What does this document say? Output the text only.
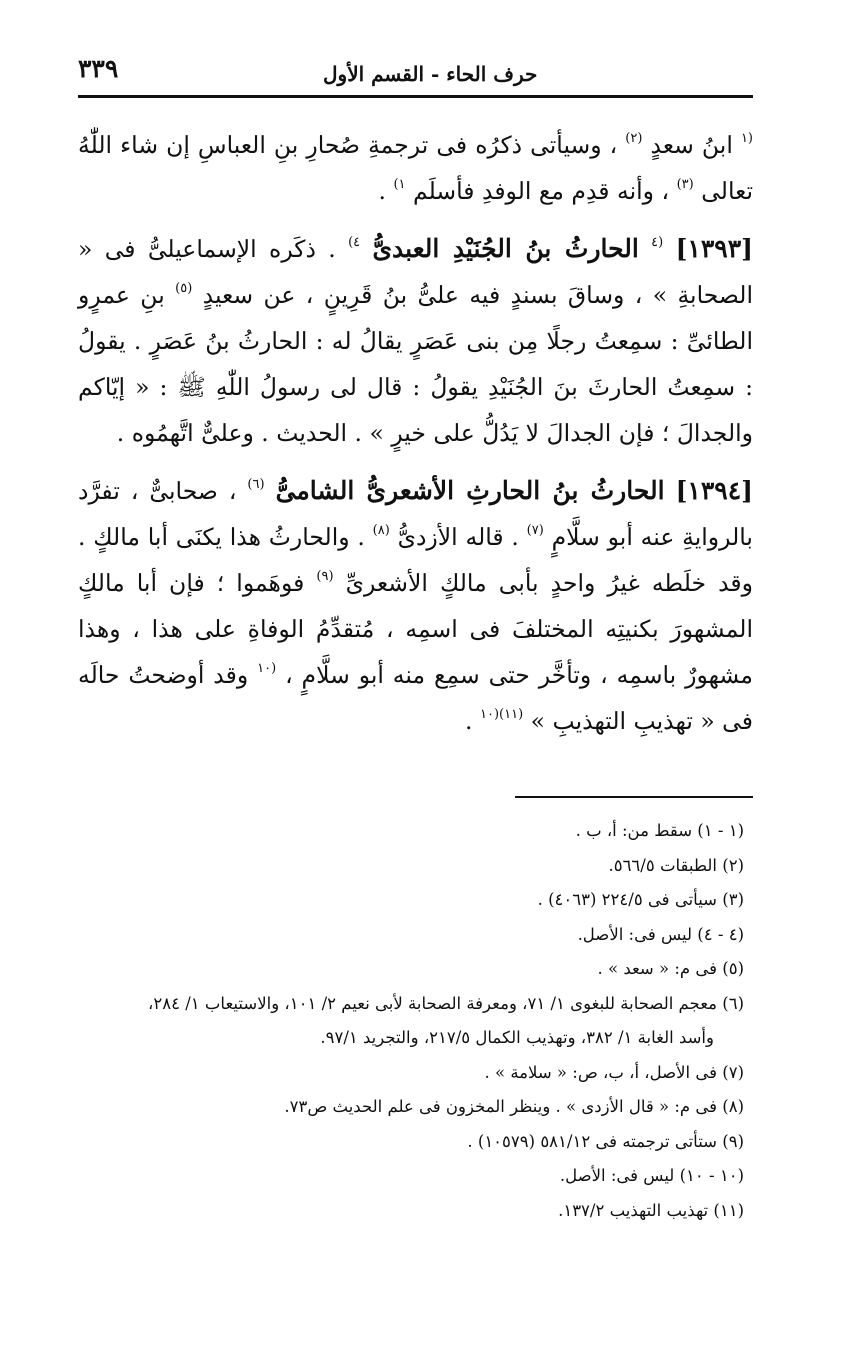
٣٣٩	حرف الحاء - القسم الأول

$^{(١}$ ابنُ سعدٍ $^{(٢)}$ ، وسيأتى ذكرُه فى ترجمةِ صُحارِ بنِ العباسِ إن شاء اللّٰهُ تعالى $^{(٣)}$ ، وأنه قدِم مع الوفدِ فأسلَم $^{١)}$ .

[١٣٩٣] $^{(٤}$ الحارثُ بنُ الجُنَيْدِ العبدىُّ $^{٤)}$ . ذكَره الإسماعيلىُّ فى « الصحابةِ » ، وساقَ بسندٍ فيه علىُّ بنُ قَرِينٍ ، عن سعيدٍ $^{(٥)}$ بنِ عمرٍو الطائىِّ : سمِعتُ رجلًا مِن بنى عَصَرٍ يقالُ له : الحارثُ بنُ عَصَرٍ . يقولُ : سمِعتُ الحارثَ بنَ الجُنَيْدِ يقولُ : قال لى رسولُ اللّٰهِ ﷺ : « إيّاكم والجدالَ ؛ فإن الجدالَ لا يَدُلُّ على خيرٍ » . الحديث . وعلىٌّ اتَّهمُوه .

[١٣٩٤] الحارثُ بنُ الحارثِ الأشعرىُّ الشامىُّ $^{(٦)}$ ، صحابىٌّ ، تفرَّد بالروايةِ عنه أبو سلَّامٍ $^{(٧)}$ . قاله الأزدىُّ $^{(٨)}$ . والحارثُ هذا يكنَى أبا مالكٍ . وقد خلَطه غيرُ واحدٍ بأبى مالكٍ الأشعرىِّ $^{(٩)}$ فوهَموا ؛ فإن أبا مالكٍ المشهورَ بكنيتِه المختلفَ فى اسمِه ، مُتقدِّمُ الوفاةِ على هذا ، وهذا مشهورٌ باسمِه ، وتأخَّر حتى سمِع منه أبو سلَّامٍ ، $^{(١٠}$ وقد أوضحتُ حالَه فى « تهذيبِ التهذيبِ » $^{(١١)(١٠}$ .

(١ - ١) سقط من: أ، ب .

(٢) الطبقات ٥٦٦/٥.

(٣) سيأتى فى ٢٢٤/٥ (٤٠٦٣) .

(٤ - ٤) ليس فى: الأصل.

(٥) فى م: « سعد » .

(٦) معجم الصحابة للبغوى ١/ ٧١، ومعرفة الصحابة لأبى نعيم ٢/ ١٠١، والاستيعاب ١/ ٢٨٤،

وأسد الغابة ١/ ٣٨٢، وتهذيب الكمال ٢١٧/٥، والتجريد ٩٧/١.

(٧) فى الأصل، أ، ب، ص: « سلامة » .

(٨) فى م: « قال الأزدى » . وينظر المخزون فى علم الحديث ص٧٣.

(٩) ستأتى ترجمته فى ٥٨١/١٢ (١٠٥٧٩) .

(١٠ - ١٠) ليس فى: الأصل.

(١١) تهذيب التهذيب ١٣٧/٢.
